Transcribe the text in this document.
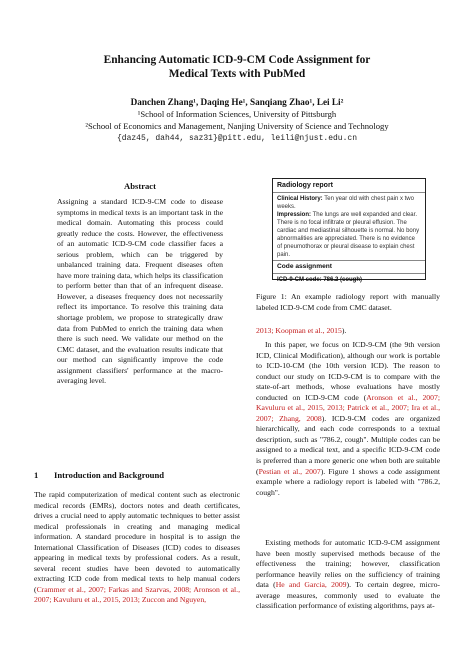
Enhancing Automatic ICD-9-CM Code Assignment for
Medical Texts with PubMed
Danchen Zhang¹, Daqing He¹, Sanqiang Zhao¹, Lei Li²
¹School of Information Sciences, University of Pittsburgh
²School of Economics and Management, Nanjing University of Science and Technology
{daz45, dah44, saz31}@pitt.edu, leili@njust.edu.cn
Abstract

Assigning a standard ICD-9-CM code to disease symptoms in medical texts is an important task in the medical domain. Automating this process could greatly reduce the costs. However, the effectiveness of an automatic ICD-9-CM code classifier faces a serious problem, which can be triggered by unbalanced training data. Frequent diseases often have more training data, which helps its classification to perform better than that of an infrequent disease. However, a diseases frequency does not necessarily reflect its importance. To resolve this training data shortage problem, we propose to strategically draw data from PubMed to enrich the training data when there is such need. We validate our method on the CMC dataset, and the evaluation results indicate that our method can significantly improve the code assignment classifiers' performance at the macro-averaging level.

1 Introduction and Background

The rapid computerization of medical content such as electronic medical records (EMRs), doctors notes and death certificates, drives a crucial need to apply automatic techniques to better assist medical professionals in creating and managing medical information. A standard procedure in hospital is to assign the International Classification of Diseases (ICD) codes to diseases appearing in medical texts by professional coders. As a result, several recent studies have been devoted to automatically extracting ICD code from medical texts to help manual coders (Crammer et al., 2007; Farkas and Szarvas, 2008; Aronson et al., 2007; Kavuluru et al., 2015, 2013; Zuccon and Nguyen,

Radiology report
Clinical History: Ten year old with chest pain x two weeks.
Impression: The lungs are well expanded and clear. There is no focal infiltrate or pleural effusion. The cardiac and mediastinal silhouette is normal. No bony abnormalities are appreciated. There is no evidence of pneumothorax or pleural disease to explain chest pain.
Code assignment
ICD-9-CM code: 786.2 (cough)

Figure 1: An example radiology report with manually labeled ICD-9-CM code from CMC dataset.

2013; Koopman et al., 2015).

In this paper, we focus on ICD-9-CM (the 9th version ICD, Clinical Modification), although our work is portable to ICD-10-CM (the 10th version ICD). The reason to conduct our study on ICD-9-CM is to compare with the state-of-art methods, whose evaluations have mostly conducted on ICD-9-CM code (Aronson et al., 2007; Kavuluru et al., 2015, 2013; Patrick et al., 2007; Ira et al., 2007; Zhang, 2008). ICD-9-CM codes are organized hierarchically, and each code corresponds to a textual description, such as "786.2, cough". Multiple codes can be assigned to a medical text, and a specific ICD-9-CM code is preferred than a more generic one when both are suitable (Pestian et al., 2007). Figure 1 shows a code assignment example where a radiology report is labeled with "786.2, cough".

Existing methods for automatic ICD-9-CM assignment have been mostly supervised methods because of the effectiveness the training; however, classification performance heavily relies on the sufficiency of training data (He and Garcia, 2009). To certain degree, micro-average measures, commonly used to evaluate the classification performance of existing algorithms, pays at-
